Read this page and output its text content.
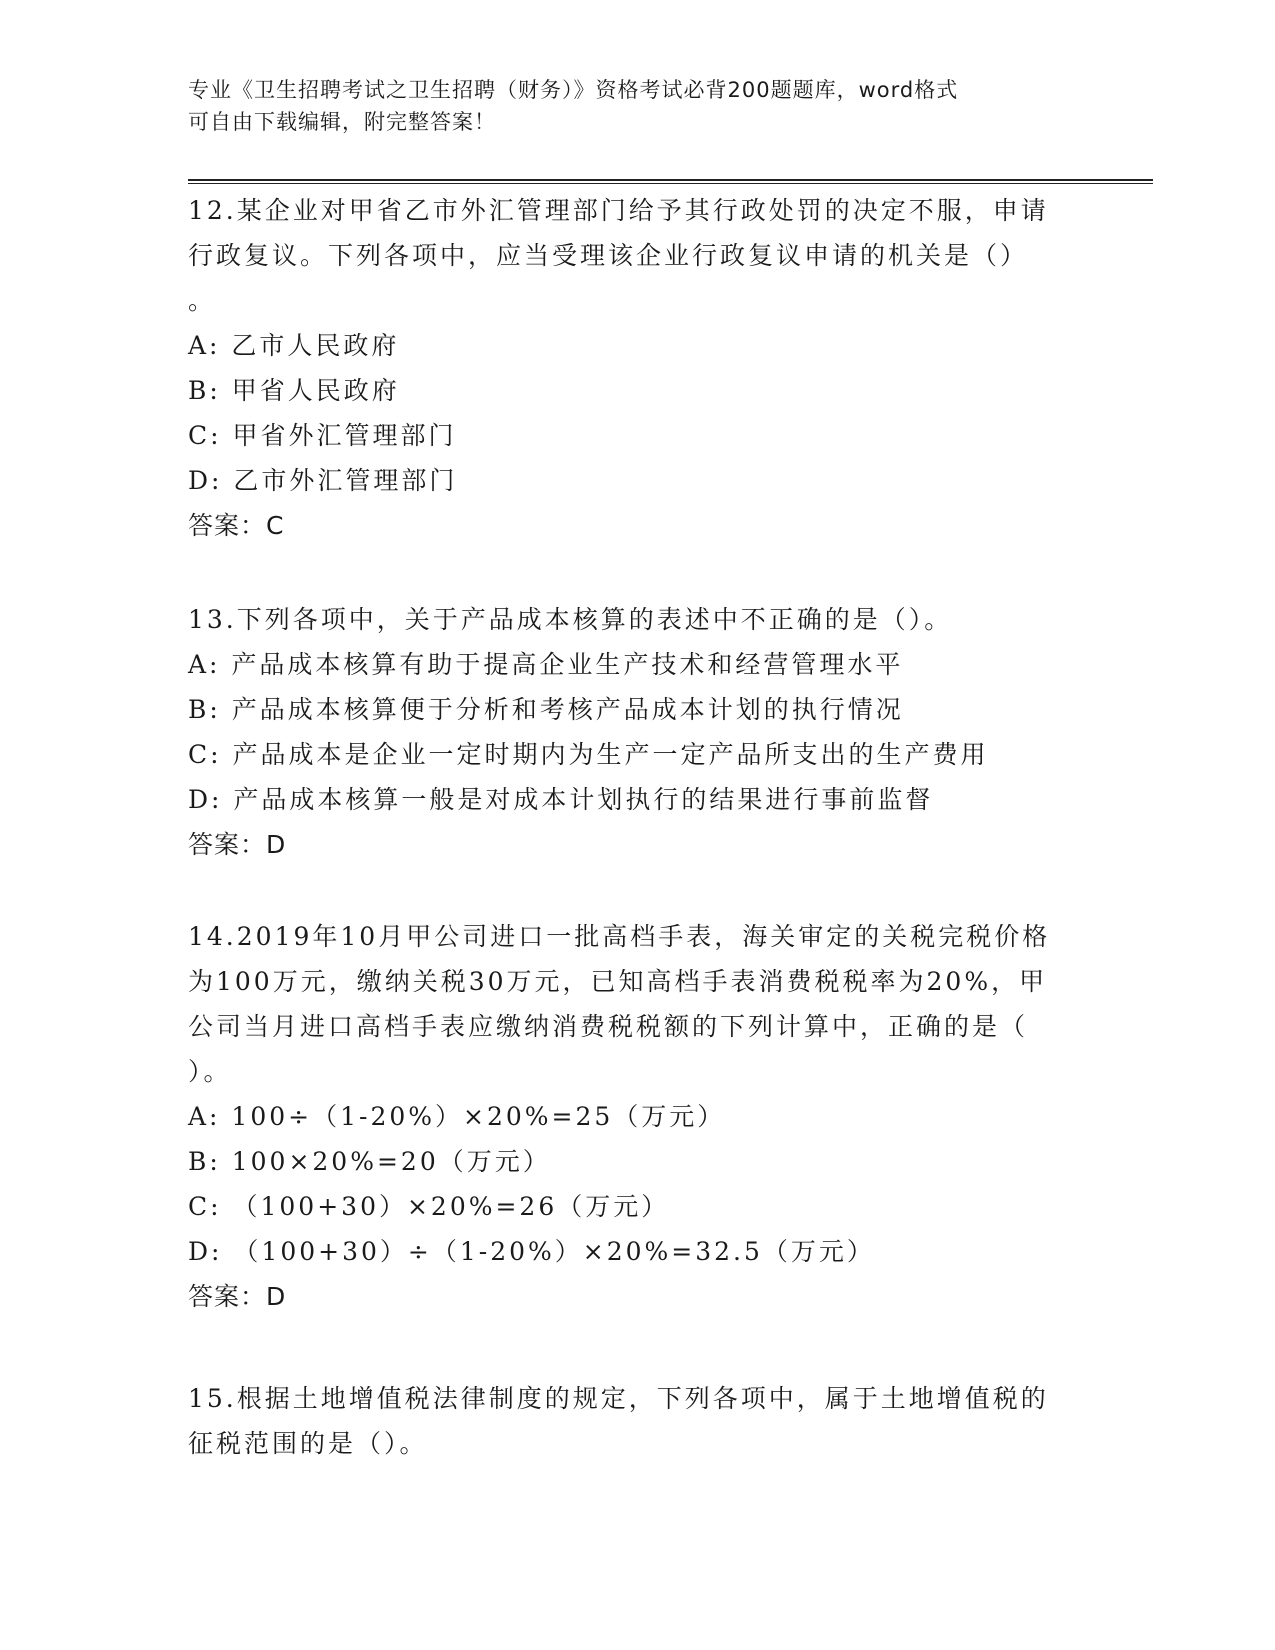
专业《卫生招聘考试之卫生招聘（财务）》资格考试必背200题题库，word格式
可自由下载编辑，附完整答案！
12.某企业对甲省乙市外汇管理部门给予其行政处罚的决定不服，申请
行政复议。下列各项中，应当受理该企业行政复议申请的机关是（）
。
A: 乙市人民政府
B: 甲省人民政府
C: 甲省外汇管理部门
D: 乙市外汇管理部门
答案：C
13.下列各项中，关于产品成本核算的表述中不正确的是（）。
A: 产品成本核算有助于提高企业生产技术和经营管理水平
B: 产品成本核算便于分析和考核产品成本计划的执行情况
C: 产品成本是企业一定时期内为生产一定产品所支出的生产费用
D: 产品成本核算一般是对成本计划执行的结果进行事前监督
答案：D
14.2019年10月甲公司进口一批高档手表，海关审定的关税完税价格
为100万元，缴纳关税30万元，已知高档手表消费税税率为20%，甲
公司当月进口高档手表应缴纳消费税税额的下列计算中，正确的是（
）。
A: 100÷（1-20%）×20%=25（万元）
B: 100×20%=20（万元）
C: （100+30）×20%=26（万元）
D: （100+30）÷（1-20%）×20%=32.5（万元）
答案：D
15.根据土地增值税法律制度的规定，下列各项中，属于土地增值税的
征税范围的是（）。
